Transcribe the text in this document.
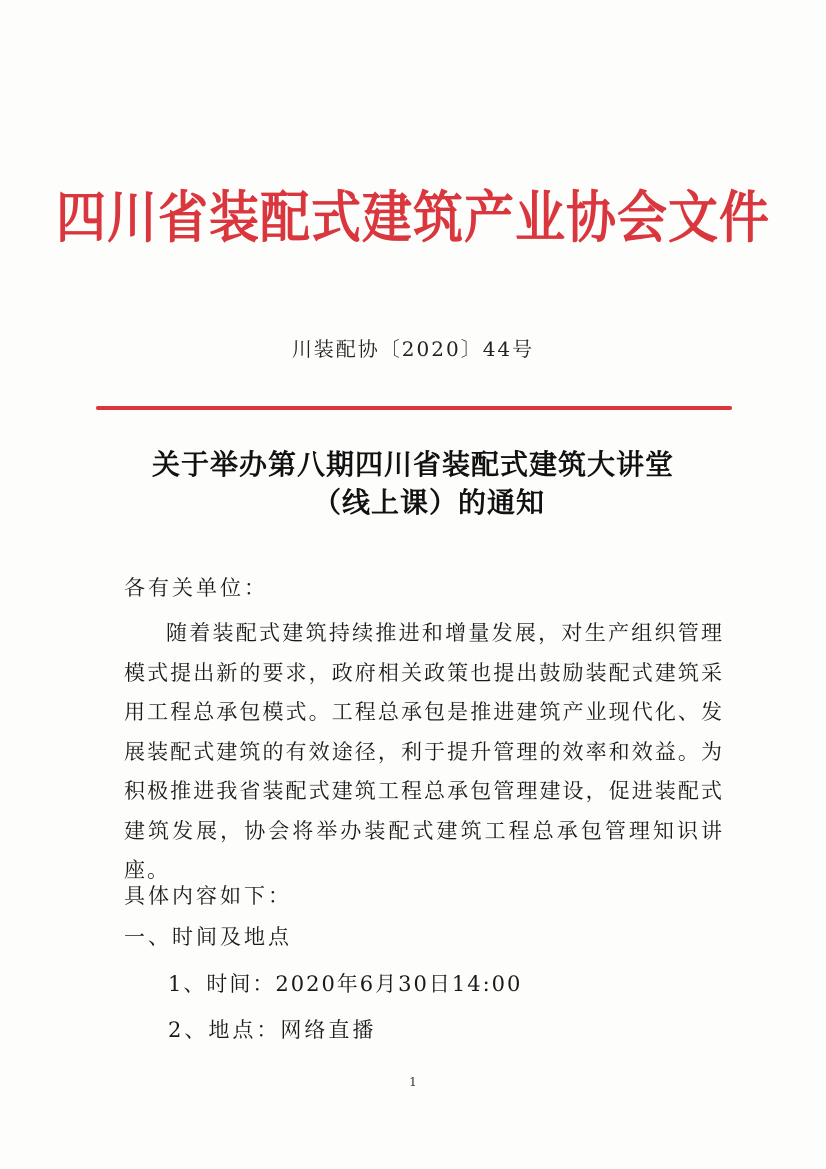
四川省装配式建筑产业协会文件
川装配协〔2020〕44号
关于举办第八期四川省装配式建筑大讲堂
（线上课）的通知
各有关单位：
随着装配式建筑持续推进和增量发展，对生产组织管理模式提出新的要求，政府相关政策也提出鼓励装配式建筑采用工程总承包模式。工程总承包是推进建筑产业现代化、发展装配式建筑的有效途径，利于提升管理的效率和效益。为积极推进我省装配式建筑工程总承包管理建设，促进装配式建筑发展，协会将举办装配式建筑工程总承包管理知识讲座。
具体内容如下：
一、时间及地点
1、时间：2020年6月30日14:00
2、地点：网络直播
1
